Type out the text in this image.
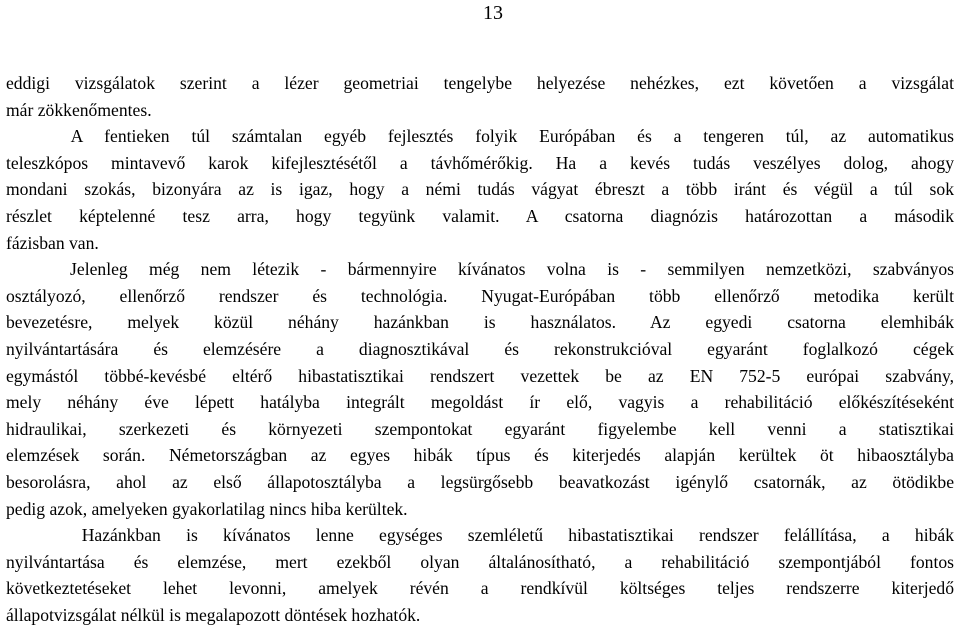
13
eddigi vizsgálatok szerint a lézer geometriai tengelybe helyezése nehézkes, ezt követően a vizsgálat
már zökkenőmentes.
A fentieken túl számtalan egyéb fejlesztés folyik Európában és a tengeren túl, az automatikus
teleszkópos mintavevő karok kifejlesztésétől a távhőmérőkig. Ha a kevés tudás veszélyes dolog, ahogy
mondani szokás, bizonyára az is igaz, hogy a némi tudás vágyat ébreszt a több iránt és végül a túl sok
részlet képtelenné tesz arra, hogy tegyünk valamit. A csatorna diagnózis határozottan a második
fázisban van.
Jelenleg még nem létezik - bármennyire kívánatos volna is - semmilyen nemzetközi, szabványos
osztályozó, ellenőrző rendszer és technológia. Nyugat-Európában több ellenőrző metodika került
bevezetésre, melyek közül néhány hazánkban is használatos. Az egyedi csatorna elemhibák
nyilvántartására és elemzésére a diagnosztikával és rekonstrukcióval egyaránt foglalkozó cégek
egymástól többé-kevésbé eltérő hibastatisztikai rendszert vezettek be az EN 752-5 európai szabvány,
mely néhány éve lépett hatályba integrált megoldást ír elő, vagyis a rehabilitáció előkészítéseként
hidraulikai, szerkezeti és környezeti szempontokat egyaránt figyelembe kell venni a statisztikai
elemzések során. Németországban az egyes hibák típus és kiterjedés alapján kerültek öt hibaosztályba
besorolásra, ahol az első állapotosztályba a legsürgősebb beavatkozást igénylő csatornák, az ötödikbe
pedig azok, amelyeken gyakorlatilag nincs hiba kerültek.
Hazánkban is kívánatos lenne egységes szemléletű hibastatisztikai rendszer felállítása, a hibák
nyilvántartása és elemzése, mert ezekből olyan általánosítható, a rehabilitáció szempontjából fontos
következtetéseket lehet levonni, amelyek révén a rendkívül költséges teljes rendszerre kiterjedő
állapotvizsgálat nélkül is megalapozott döntések hozhatók.
